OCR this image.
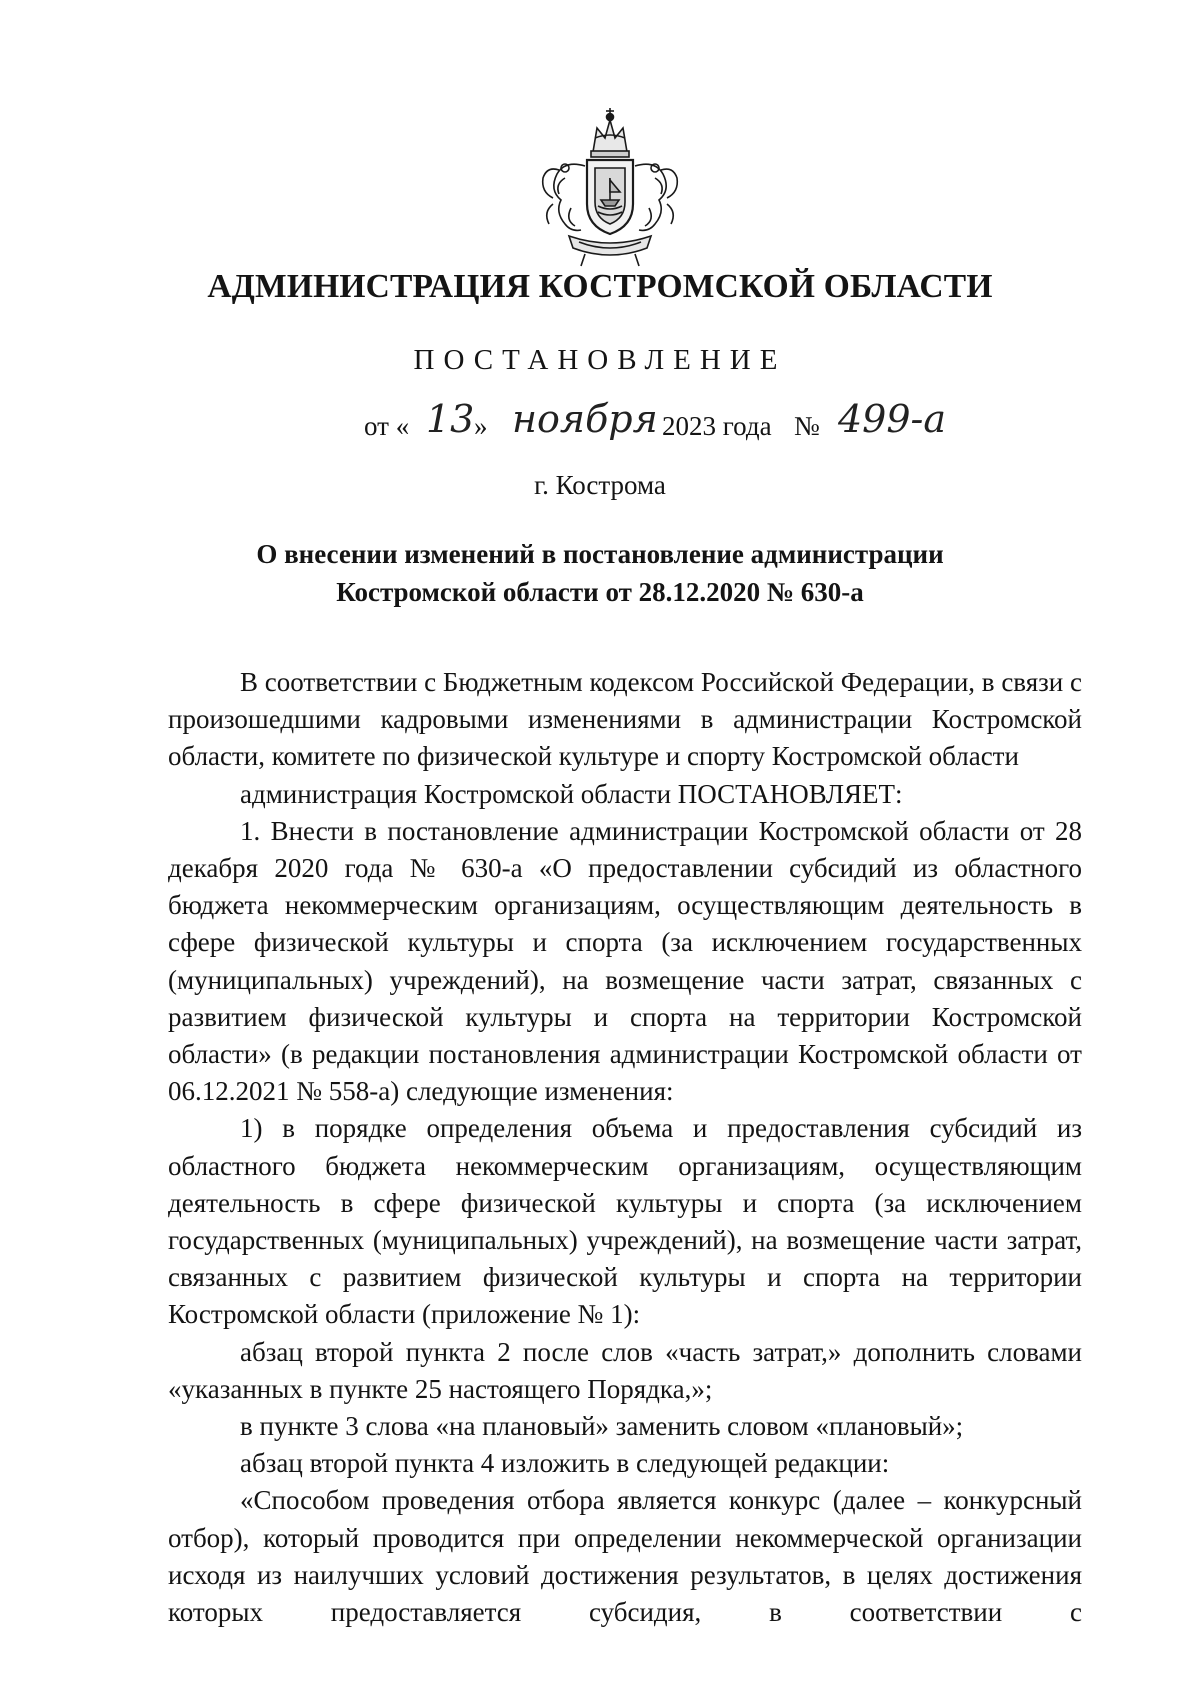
АДМИНИСТРАЦИЯ КОСТРОМСКОЙ ОБЛАСТИ
ПОСТАНОВЛЕНИЕ
от « 13 » ноября 2023 года № 499-а
г. Кострома
О внесении изменений в постановление администрации
Костромской области от 28.12.2020 № 630-а

В соответствии с Бюджетным кодексом Российской Федерации, в связи с произошедшими кадровыми изменениями в администрации Костромской области, комитете по физической культуре и спорту Костромской области

администрация Костромской области ПОСТАНОВЛЯЕТ:

1. Внести в постановление администрации Костромской области от 28 декабря 2020 года № 630-а «О предоставлении субсидий из областного бюджета некоммерческим организациям, осуществляющим деятельность в сфере физической культуры и спорта (за исключением государственных (муниципальных) учреждений), на возмещение части затрат, связанных с развитием физической культуры и спорта на территории Костромской области» (в редакции постановления администрации Костромской области от 06.12.2021 № 558-а) следующие изменения:

1) в порядке определения объема и предоставления субсидий из областного бюджета некоммерческим организациям, осуществляющим деятельность в сфере физической культуры и спорта (за исключением государственных (муниципальных) учреждений), на возмещение части затрат, связанных с развитием физической культуры и спорта на территории Костромской области (приложение № 1):

абзац второй пункта 2 после слов «часть затрат,» дополнить словами «указанных в пункте 25 настоящего Порядка,»;

в пункте 3 слова «на плановый» заменить словом «плановый»;

абзац второй пункта 4 изложить в следующей редакции:

«Способом проведения отбора является конкурс (далее – конкурсный отбор), который проводится при определении некоммерческой организации исходя из наилучших условий достижения результатов, в целях достижения которых предоставляется субсидия, в соответствии с
